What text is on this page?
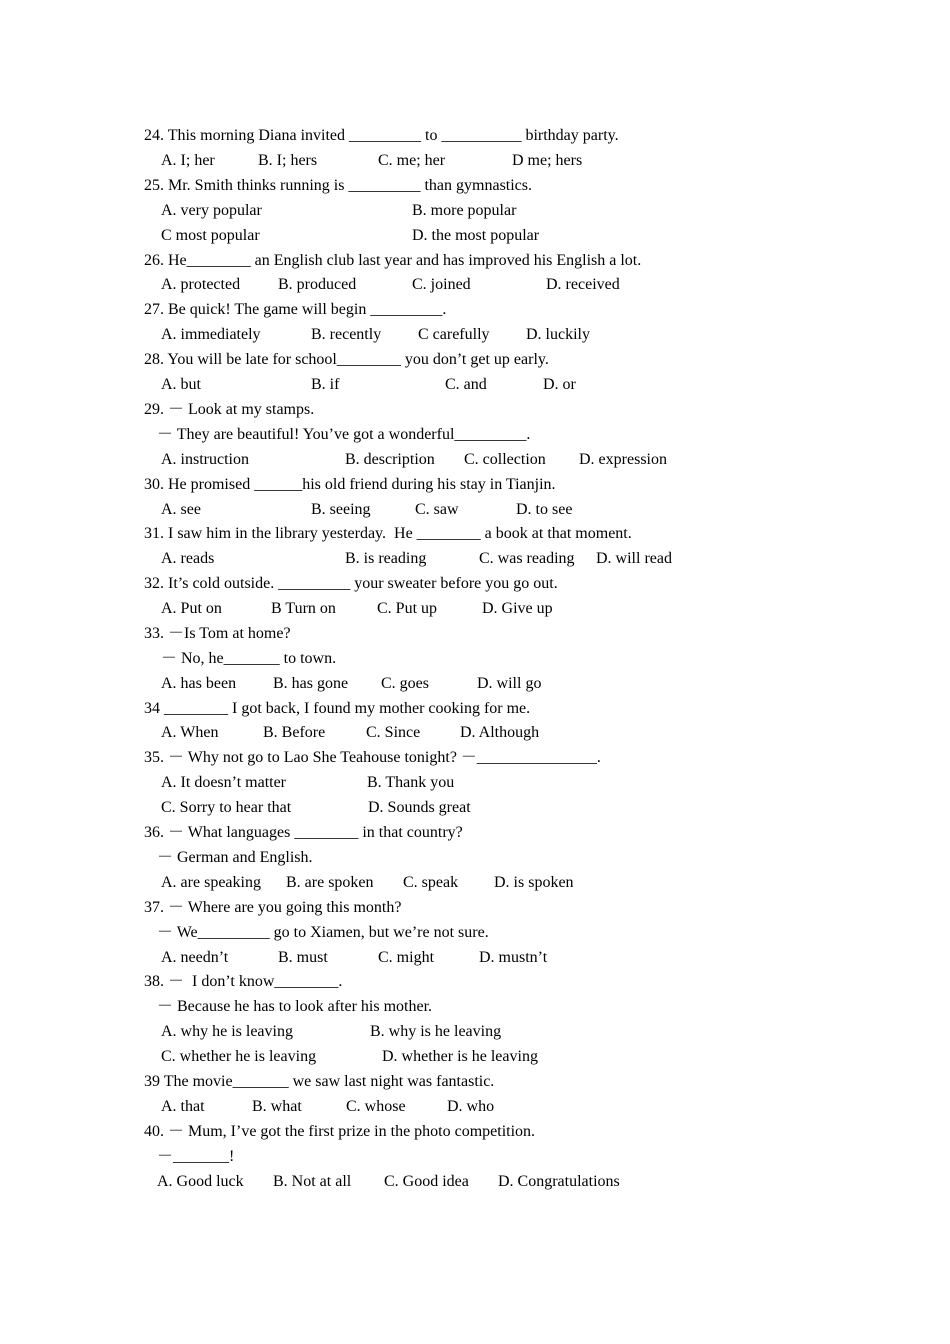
24. This morning Diana invited _________ to __________ birthday party.
A. I; her	B. I; hers	C. me; her	D me; hers
25. Mr. Smith thinks running is _________ than gymnastics.
A. very popular	B. more popular
C most popular	D. the most popular
26. He________ an English club last year and has improved his English a lot.
A. protected B. produced	C. joined	D. received
27. Be quick! The game will begin _________.
A. immediately	B. recently C carefully D. luckily
28. You will be late for school________ you don’t get up early.
A. but	B. if	C. and	D. or
29. － Look at my stamps.
－ They are beautiful! You’ve got a wonderful_________.
A. instruction	B. description C. collection D. expression
30. He promised ______his old friend during his stay in Tianjin.
A. see	B. seeing	C. saw	D. to see
31. I saw him in the library yesterday.  He ________ a book at that moment.
A. reads	B. is reading	C. was reading D. will read
32. It’s cold outside. _________ your sweater before you go out.
A. Put on	B Turn on	C. Put up	D. Give up
33. －Is Tom at home?
－ No, he_______ to town.
A. has been B. has gone C. goes	D. will go
34 ________ I got back, I found my mother cooking for me.
A. When	B. Before	C. Since D. Although
35. － Why not go to Lao She Teahouse tonight? －_______________.
A. It doesn’t matter	B. Thank you
C. Sorry to hear that	D. Sounds great
36. － What languages ________ in that country?
－ German and English.
A. are speaking B. are spoken C. speak D. is spoken
37. － Where are you going this month?
－ We_________ go to Xiamen, but we’re not sure.
A. needn’t	B. must	C. might	D. mustn’t
38. －  I don’t know________.
－ Because he has to look after his mother.
A. why he is leaving	B. why is he leaving
C. whether he is leaving	D. whether is he leaving
39 The movie_______ we saw last night was fantastic.
A. that	B. what	C. whose	D. who
40. － Mum, I’ve got the first prize in the photo competition.
－_______!
A. Good luck B. Not at all C. Good idea D. Congratulations
